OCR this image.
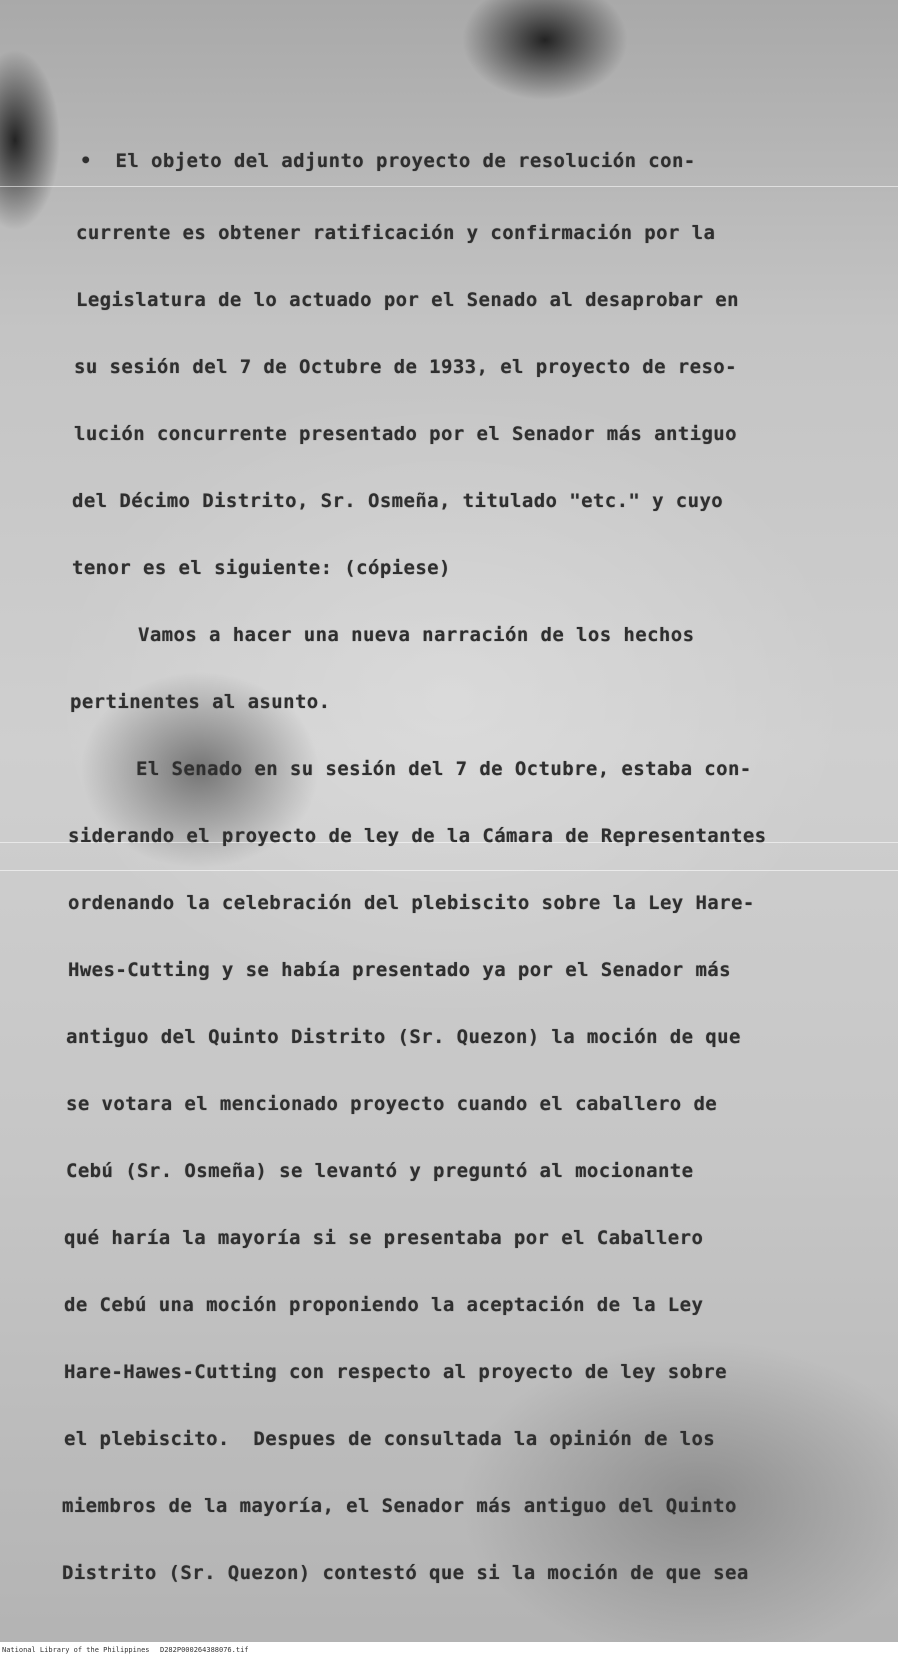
•  El objeto del adjunto proyecto de resolución con-

currente es obtener ratificación y confirmación por la

Legislatura de lo actuado por el Senado al desaprobar en

su sesión del 7 de Octubre de 1933, el proyecto de reso-

lución concurrente presentado por el Senador más antiguo

del Décimo Distrito, Sr. Osmeña, titulado "etc." y cuyo

tenor es el siguiente: (cópiese)

Vamos a hacer una nueva narración de los hechos

pertinentes al asunto.

El Senado en su sesión del 7 de Octubre, estaba con-

siderando el proyecto de ley de la Cámara de Representantes

ordenando la celebración del plebiscito sobre la Ley Hare-

Hwes-Cutting y se había presentado ya por el Senador más

antiguo del Quinto Distrito (Sr. Quezon) la moción de que

se votara el mencionado proyecto cuando el caballero de

Cebú (Sr. Osmeña) se levantó y preguntó al mocionante

qué haría la mayoría si se presentaba por el Caballero

de Cebú una moción proponiendo la aceptación de la Ley

Hare-Hawes-Cutting con respecto al proyecto de ley sobre

el plebiscito.  Despues de consultada la opinión de los

miembros de la mayoría, el Senador más antiguo del Quinto

Distrito (Sr. Quezon) contestó que si la moción de que sea

National Library of the Philippines D282P000264388076.tif
